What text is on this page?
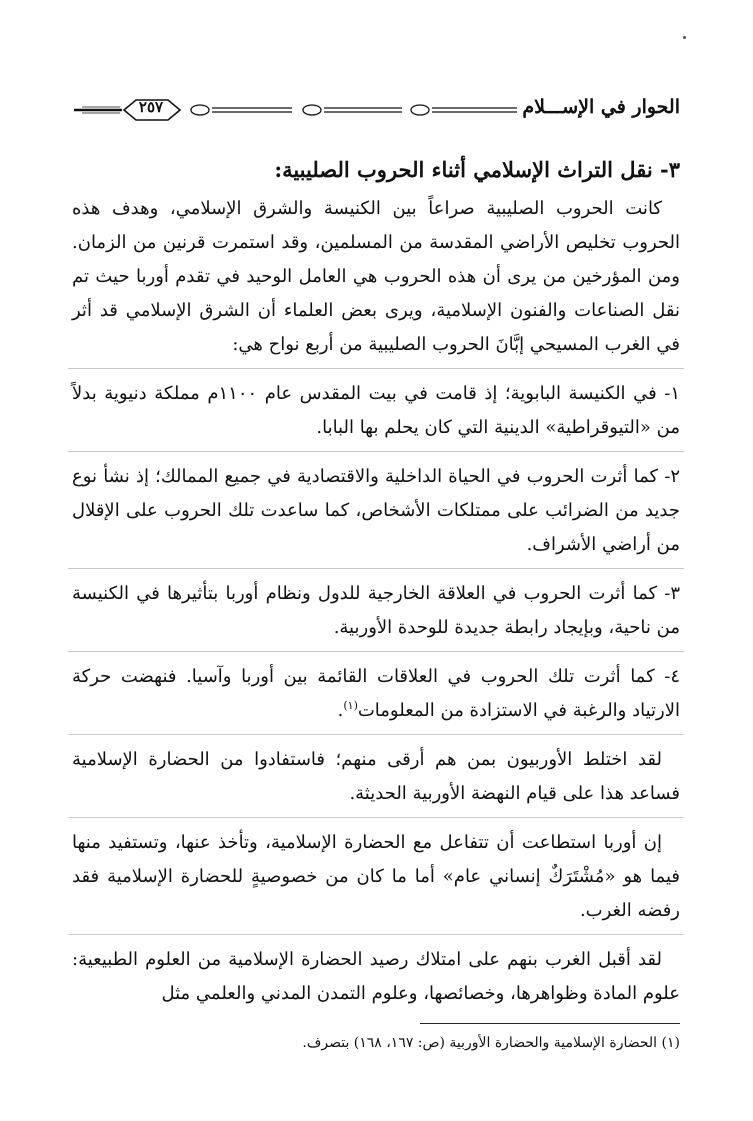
الحوار في الإســـلام
٢٥٧
٣- نقل التراث الإسلامي أثناء الحروب الصليبية:

كانت الحروب الصليبية صراعاً بين الكنيسة والشرق الإسلامي، وهدف هذه الحروب تخليص الأراضي المقدسة من المسلمين، وقد استمرت قرنين من الزمان. ومن المؤرخين من يرى أن هذه الحروب هي العامل الوحيد في تقدم أوربا حيث تم نقل الصناعات والفنون الإسلامية، ويرى بعض العلماء أن الشرق الإسلامي قد أثر في الغرب المسيحي إبَّانَ الحروب الصليبية من أربع نواح هي:

١- في الكنيسة البابوية؛ إذ قامت في بيت المقدس عام ١١٠٠م مملكة دنيوية بدلاً من «التيوقراطية» الدينية التي كان يحلم بها البابا.

٢- كما أثرت الحروب في الحياة الداخلية والاقتصادية في جميع الممالك؛ إذ نشأ نوع جديد من الضرائب على ممتلكات الأشخاص، كما ساعدت تلك الحروب على الإقلال من أراضي الأشراف.

٣- كما أثرت الحروب في العلاقة الخارجية للدول ونظام أوربا بتأثيرها في الكنيسة من ناحية، وبإيجاد رابطة جديدة للوحدة الأوربية.

٤- كما أثرت تلك الحروب في العلاقات القائمة بين أوربا وآسيا. فنهضت حركة الارتياد والرغبة في الاستزادة من المعلومات$^{(١)}$.

لقد اختلط الأوربيون بمن هم أرقى منهم؛ فاستفادوا من الحضارة الإسلامية فساعد هذا على قيام النهضة الأوربية الحديثة.

إن أوربا استطاعت أن تتفاعل مع الحضارة الإسلامية، وتأخذ عنها، وتستفيد منها فيما هو «مُشْتَرَكٌ إنساني عام» أما ما كان من خصوصيةٍ للحضارة الإسلامية فقد رفضه الغرب.

لقد أقبل الغرب بنهم على امتلاك رصيد الحضارة الإسلامية من العلوم الطبيعية: علوم المادة وظواهرها، وخصائصها، وعلوم التمدن المدني والعلمي مثل

(١) الحضارة الإسلامية والحضارة الأوربية (ص: ١٦٧، ١٦٨) بتصرف.
